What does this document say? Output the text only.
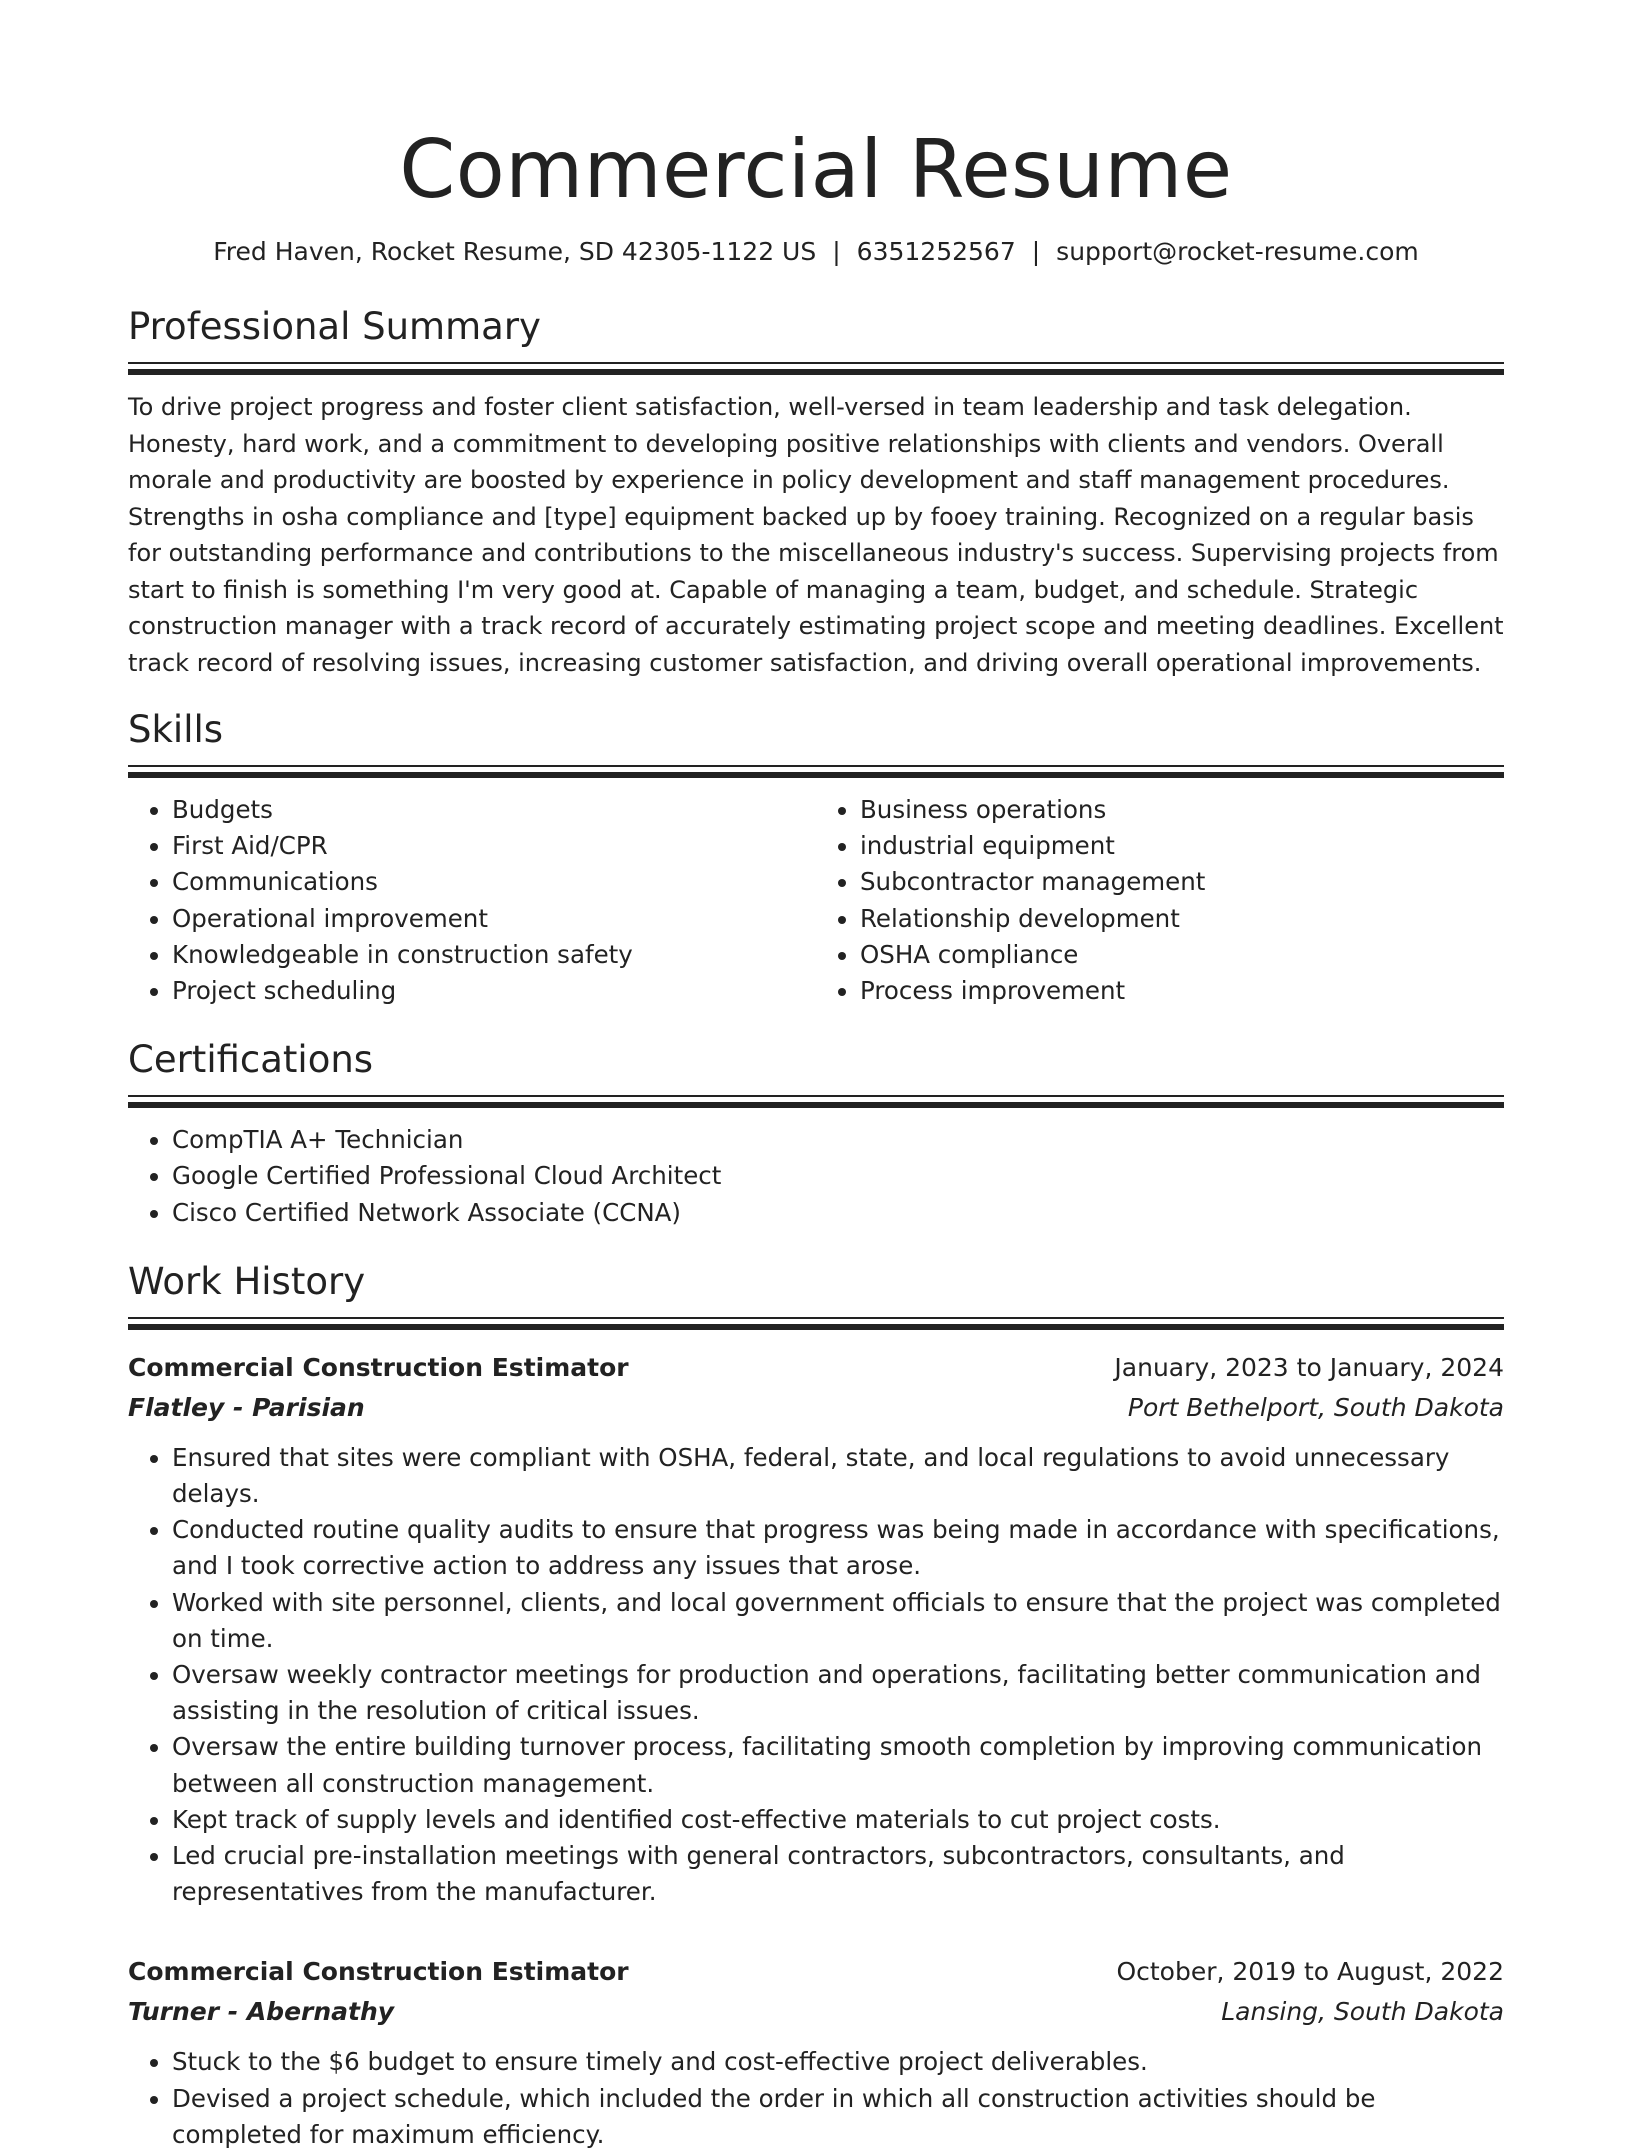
Commercial Resume
Fred Haven, Rocket Resume, SD 42305-1122 US | 6351252567 | support@rocket-resume.com
Professional Summary
To drive project progress and foster client satisfaction, well-versed in team leadership and task delegation. Honesty, hard work, and a commitment to developing positive relationships with clients and vendors. Overall morale and productivity are boosted by experience in policy development and staff management procedures. Strengths in osha compliance and [type] equipment backed up by fooey training. Recognized on a regular basis for outstanding performance and contributions to the miscellaneous industry's success. Supervising projects from start to finish is something I'm very good at. Capable of managing a team, budget, and schedule. Strategic construction manager with a track record of accurately estimating project scope and meeting deadlines. Excellent track record of resolving issues, increasing customer satisfaction, and driving overall operational improvements.
Skills
• Budgets
• First Aid/CPR
• Communications
• Operational improvement
• Knowledgeable in construction safety
• Project scheduling
• Business operations
• industrial equipment
• Subcontractor management
• Relationship development
• OSHA compliance
• Process improvement
Certifications
• CompTIA A+ Technician
• Google Certified Professional Cloud Architect
• Cisco Certified Network Associate (CCNA)
Work History
Commercial Construction Estimator	January, 2023 to January, 2024
Flatley - Parisian	Port Bethelport, South Dakota
• Ensured that sites were compliant with OSHA, federal, state, and local regulations to avoid unnecessary delays.
• Conducted routine quality audits to ensure that progress was being made in accordance with specifications, and I took corrective action to address any issues that arose.
• Worked with site personnel, clients, and local government officials to ensure that the project was completed on time.
• Oversaw weekly contractor meetings for production and operations, facilitating better communication and assisting in the resolution of critical issues.
• Oversaw the entire building turnover process, facilitating smooth completion by improving communication between all construction management.
• Kept track of supply levels and identified cost-effective materials to cut project costs.
• Led crucial pre-installation meetings with general contractors, subcontractors, consultants, and representatives from the manufacturer.
Commercial Construction Estimator	October, 2019 to August, 2022
Turner - Abernathy	Lansing, South Dakota
• Stuck to the $6 budget to ensure timely and cost-effective project deliverables.
• Devised a project schedule, which included the order in which all construction activities should be completed for maximum efficiency.
